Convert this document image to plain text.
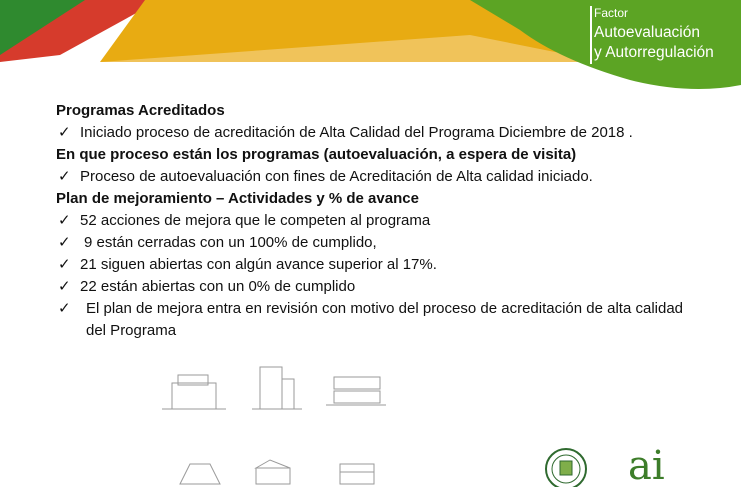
Factor
Autoevaluación
y Autorregulación
Programas Acreditados
✓ Iniciado proceso de acreditación de Alta Calidad del Programa Diciembre de 2018 .
En que proceso están los programas (autoevaluación, a espera de visita)
✓ Proceso de autoevaluación con fines de Acreditación de Alta calidad iniciado.
Plan de mejoramiento – Actividades y % de avance
✓ 52 acciones de mejora que le competen al programa
✓ 9 están cerradas con un 100% de cumplido,
✓ 21 siguen abiertas con algún avance superior al 17%.
✓ 22 están abiertas con un 0% de cumplido
✓	El plan de mejora entra en revisión con motivo del proceso de acreditación de alta calidad del Programa
ai
